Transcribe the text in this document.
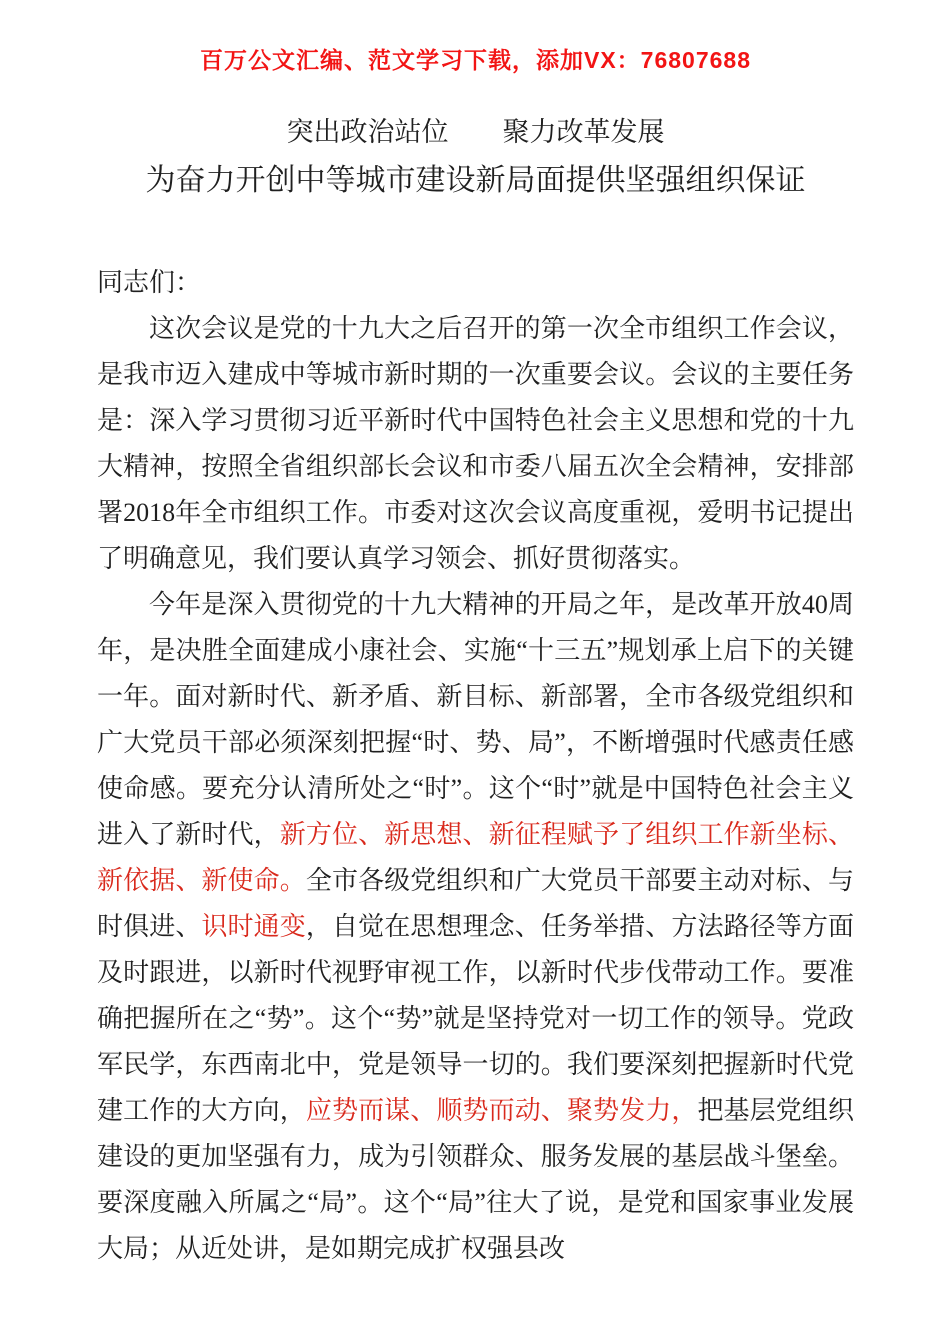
百万公文汇编、范文学习下载，添加VX：76807688
突出政治站位　　聚力改革发展
为奋力开创中等城市建设新局面提供坚强组织保证

同志们：

这次会议是党的十九大之后召开的第一次全市组织工作会议，是我市迈入建成中等城市新时期的一次重要会议。会议的主要任务是：深入学习贯彻习近平新时代中国特色社会主义思想和党的十九大精神，按照全省组织部长会议和市委八届五次全会精神，安排部署2018年全市组织工作。市委对这次会议高度重视，爱明书记提出了明确意见，我们要认真学习领会、抓好贯彻落实。

今年是深入贯彻党的十九大精神的开局之年，是改革开放40周年，是决胜全面建成小康社会、实施“十三五”规划承上启下的关键一年。面对新时代、新矛盾、新目标、新部署，全市各级党组织和广大党员干部必须深刻把握“时、势、局”，不断增强时代感责任感使命感。要充分认清所处之“时”。这个“时”就是中国特色社会主义进入了新时代，新方位、新思想、新征程赋予了组织工作新坐标、新依据、新使命。全市各级党组织和广大党员干部要主动对标、与时俱进、识时通变，自觉在思想理念、任务举措、方法路径等方面及时跟进，以新时代视野审视工作，以新时代步伐带动工作。要准确把握所在之“势”。这个“势”就是坚持党对一切工作的领导。党政军民学，东西南北中，党是领导一切的。我们要深刻把握新时代党建工作的大方向，应势而谋、顺势而动、聚势发力，把基层党组织建设的更加坚强有力，成为引领群众、服务发展的基层战斗堡垒。要深度融入所属之“局”。这个“局”往大了说，是党和国家事业发展大局；从近处讲，是如期完成扩权强县改
